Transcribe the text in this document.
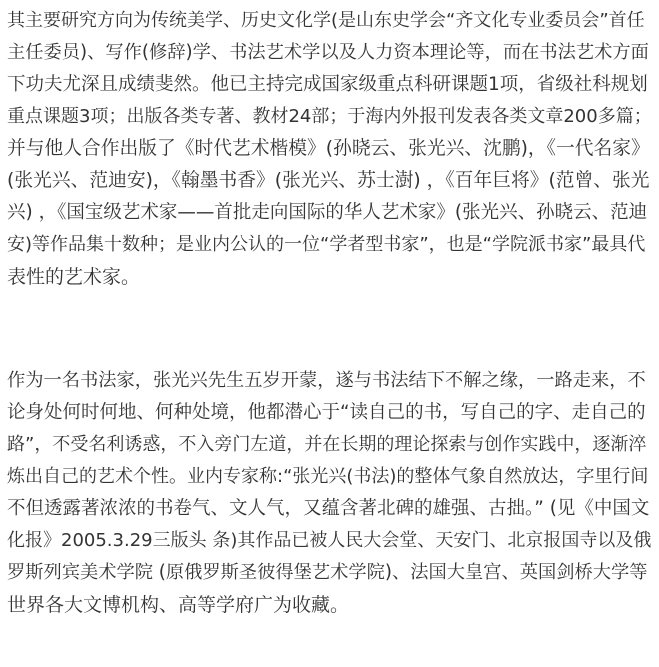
其主要研究方向为传统美学、历史文化学(是山东史学会“齐文化专业委员会”首任
主任委员)、写作(修辞)学、书法艺术学以及人力资本理论等，而在书法艺术方面
下功夫尤深且成绩斐然。他已主持完成国家级重点科研课题1项，省级社科规划
重点课题3项；出版各类专著、教材24部；于海内外报刊发表各类文章200多篇；
并与他人合作出版了《时代艺术楷模》(孙晓云、张光兴、沈鹏)，《一代名家》
(张光兴、范迪安)，《翰墨书香》(张光兴、苏士澍) ，《百年巨将》(范曾、张光
兴) ，《国宝级艺术家——首批走向国际的华人艺术家》(张光兴、孙晓云、范迪
安)等作品集十数种；是业内公认的一位“学者型书家”，也是“学院派书家”最具代
表性的艺术家。
作为一名书法家，张光兴先生五岁开蒙，遂与书法结下不解之缘，一路走来，不
论身处何时何地、何种处境，他都潜心于“读自己的书，写自己的字、走自己的
路”，不受名利诱惑，不入旁门左道，并在长期的理论探索与创作实践中，逐渐淬
炼出自己的艺术个性。业内专家称:“张光兴(书法)的整体气象自然放达，字里行间
不但透露著浓浓的书卷气、文人气，又蕴含著北碑的雄强、古拙。” (见《中国文
化报》2005.3.29三版头 条)其作品已被人民大会堂、天安门、北京报国寺以及俄
罗斯列宾美术学院 (原俄罗斯圣彼得堡艺术学院)、法国大皇宫、英国剑桥大学等
世界各大文博机构、高等学府广为收藏。
